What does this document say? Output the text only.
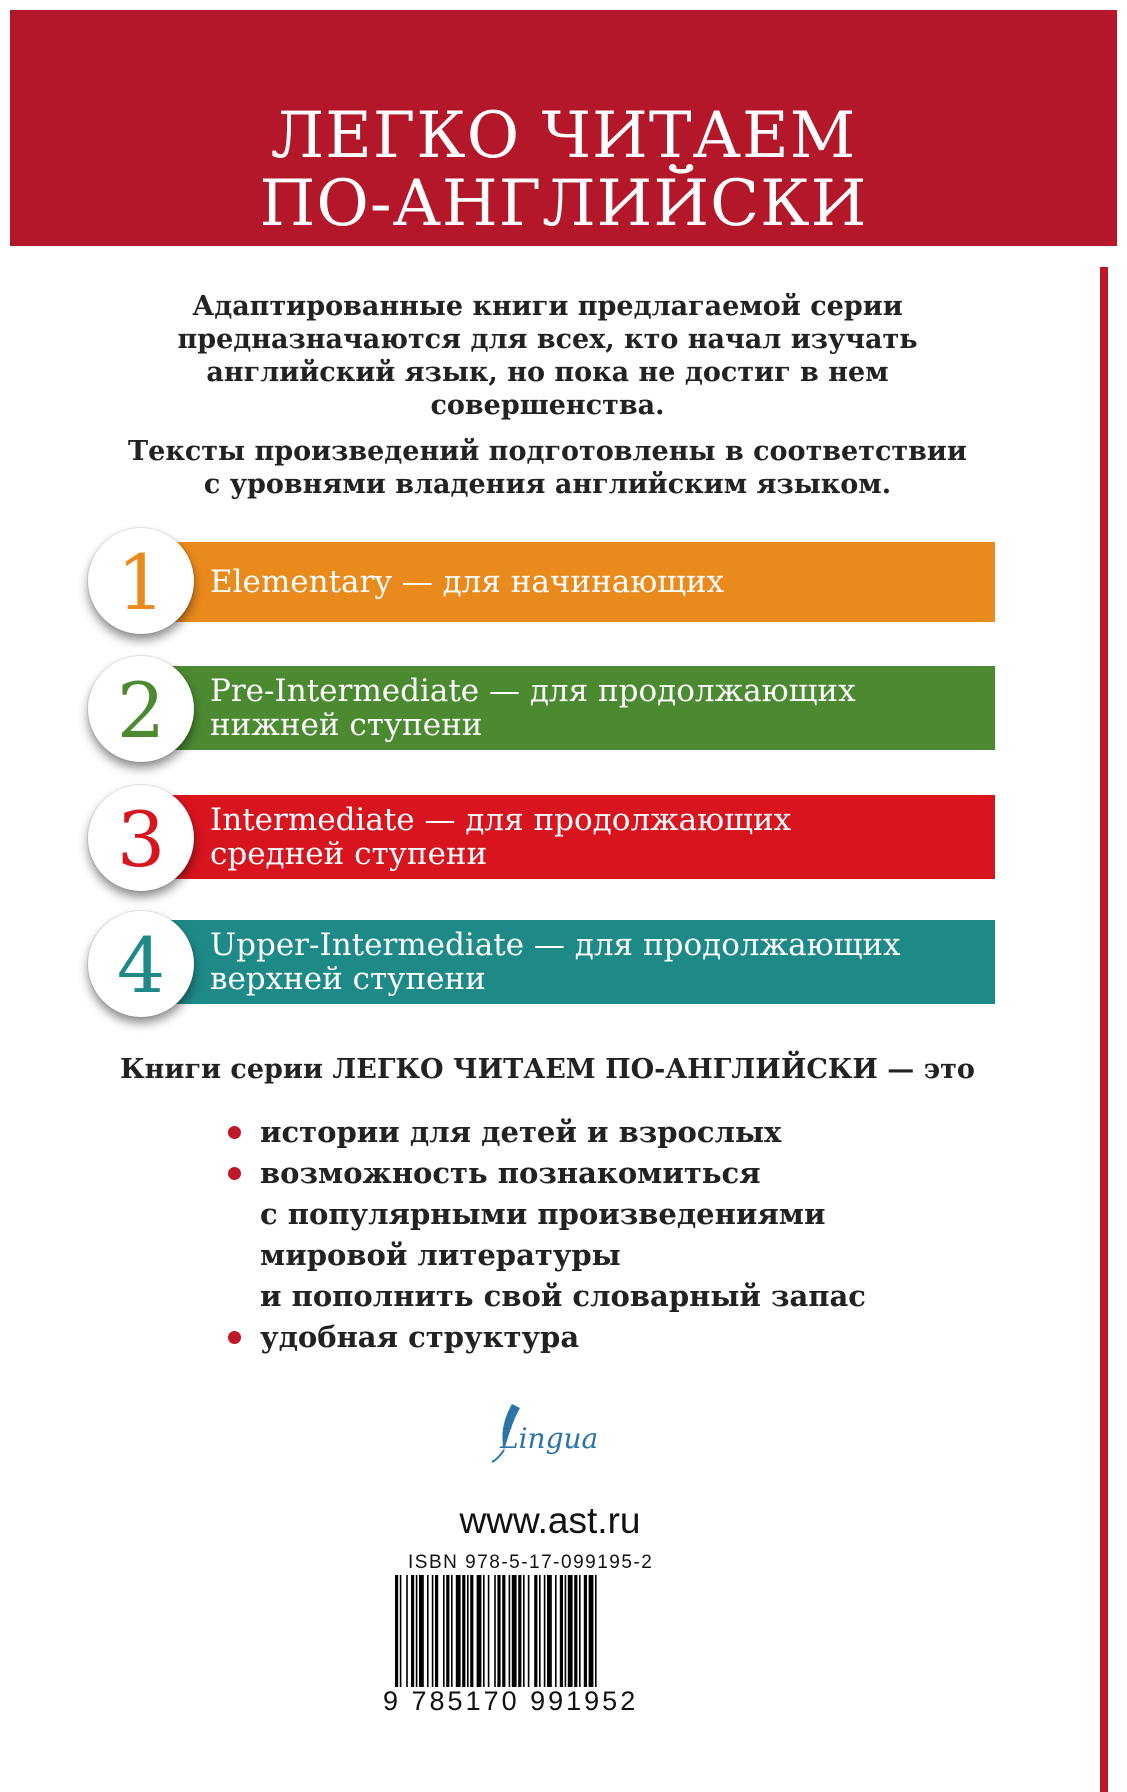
ЛЕГКО ЧИТАЕМ
ПО-АНГЛИЙСКИ
Адаптированные книги предлагаемой серии
предназначаются для всех, кто начал изучать
английский язык, но пока не достиг в нем
совершенства.
Тексты произведений подготовлены в соответствии
с уровнями владения английским языком.
Elementary — для начинающих
1
Pre-Intermediate — для продолжающих
нижней ступени
2
Intermediate — для продолжающих
средней ступени
3
Upper-Intermediate — для продолжающих
верхней ступени
4
Книги серии ЛЕГКО ЧИТАЕМ ПО-АНГЛИЙСКИ — это
истории для детей и взрослых
возможность познакомиться
с популярными произведениями
мировой литературы
и пополнить свой словарный запас
удобная структура
Lingua
www.ast.ru
ISBN 978-5-17-099195-2
9 785170 991952
